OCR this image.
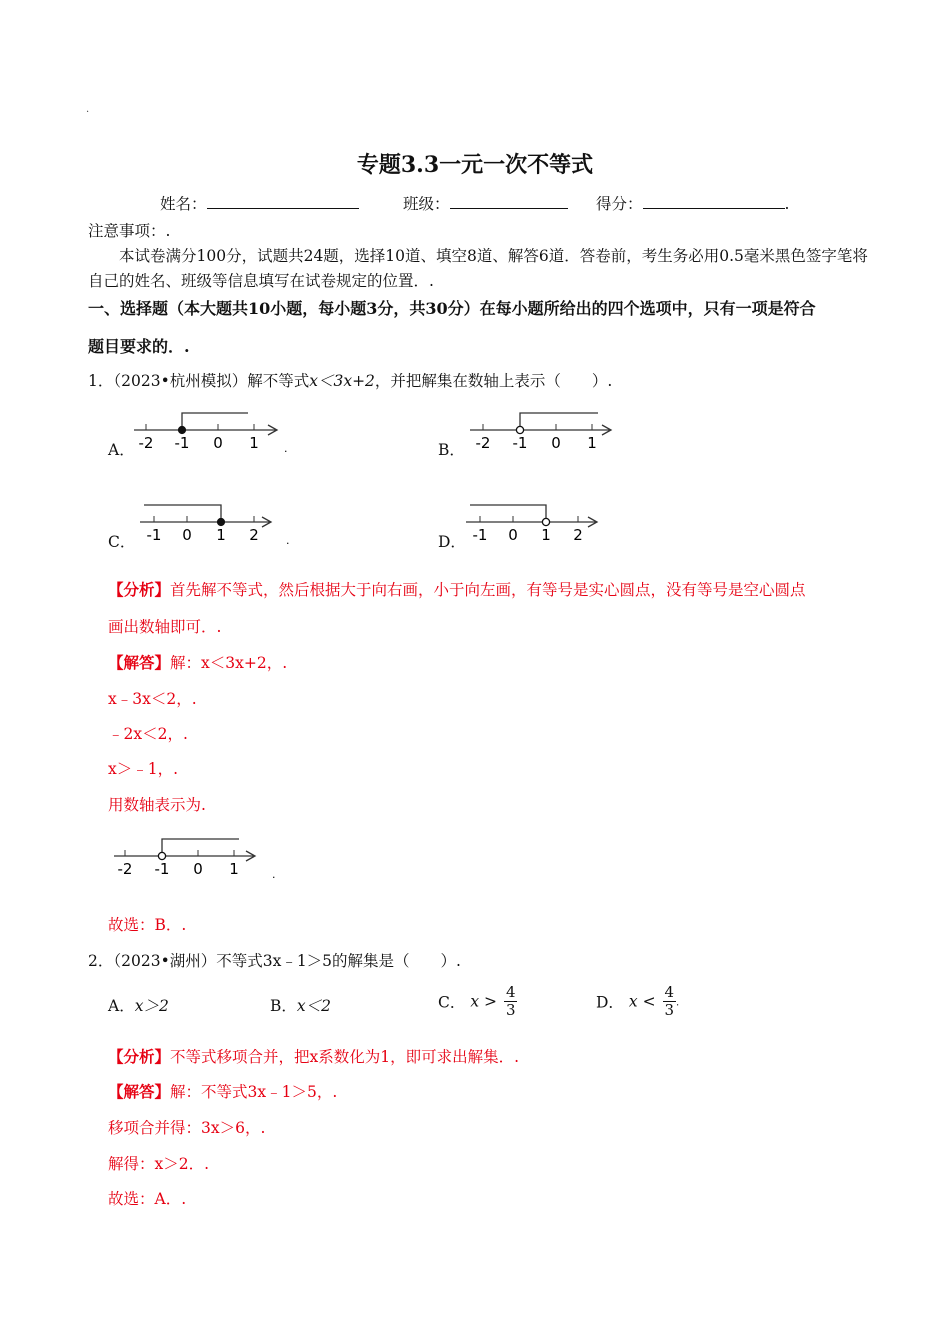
.
专题3.3一元一次不等式
姓名：	班级：	得分：	.
注意事项：.
本试卷满分100分，试题共24题，选择10道、填空8道、解答6道．答卷前，考生务必用0.5毫米黑色签字笔将自己的姓名、班级等信息填写在试卷规定的位置．.
一、选择题（本大题共10小题，每小题3分，共30分）在每小题所给出的四个选项中，只有一项是符合
题目要求的．.
1．（2023•杭州模拟）解不等式x＜3x+2，并把解集在数轴上表示（　　）.
A． -2 -1 0 1 .	B． -2 -1 0 1
C． -1 0 1 2 .	D． -1 0 1 2
【分析】首先解不等式，然后根据大于向右画，小于向左画，有等号是实心圆点，没有等号是空心圆点
画出数轴即可．.
【解答】解：x＜3x+2，.
x﹣3x＜2，.
﹣2x＜2，.
x＞﹣1，.
用数轴表示为.
-2 -1 0 1	.
故选：B．.
2．（2023•湖州）不等式3x﹣1＞5的解集是（　　）.
A．x＞2	B．x＜2	C． $x > \frac{4}{3}$	D． $x < \frac{4}{3}$ .
【分析】不等式移项合并，把x系数化为1，即可求出解集．.
【解答】解：不等式3x﹣1＞5，.
移项合并得：3x＞6，.
解得：x＞2．.
故选：A．.
